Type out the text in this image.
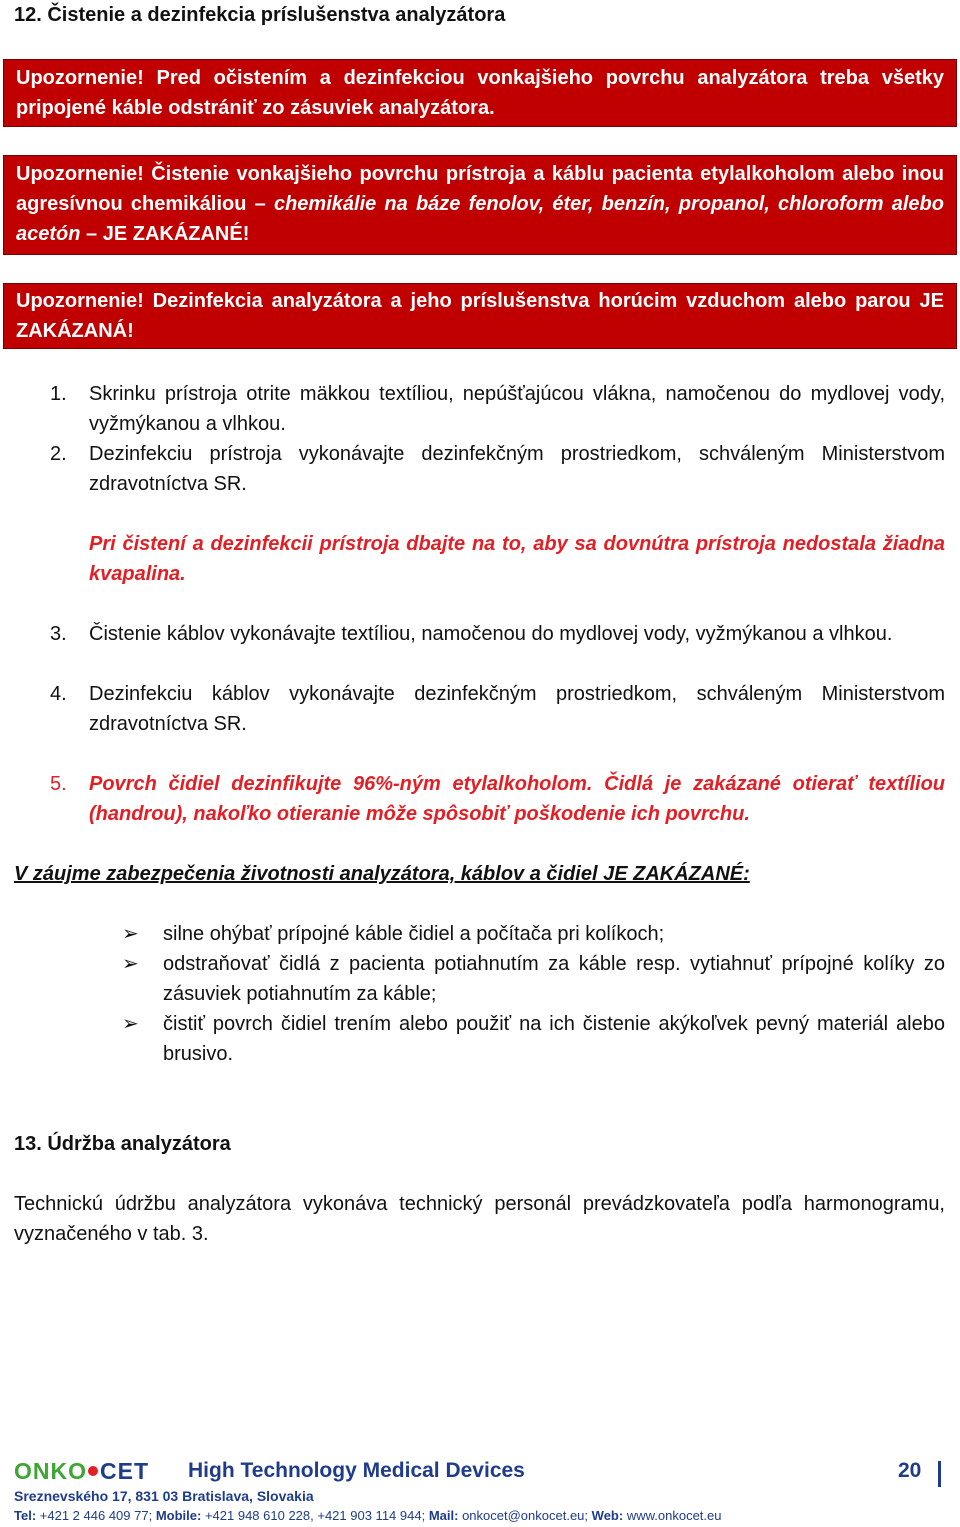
12. Čistenie a dezinfekcia príslušenstva analyzátora

Upozornenie! Pred očistením a dezinfekciou vonkajšieho povrchu analyzátora treba všetky pripojené káble odstrániť zo zásuviek analyzátora.

Upozornenie! Čistenie vonkajšieho povrchu prístroja a káblu pacienta etylalkoholom alebo inou agresívnou chemikáliou – chemikálie na báze fenolov, éter, benzín, propanol, chloroform alebo acetón – JE ZAKÁZANÉ!

Upozornenie! Dezinfekcia analyzátora a jeho príslušenstva horúcim vzduchom alebo parou JE ZAKÁZANÁ!

1.	Skrinku prístroja otrite mäkkou textíliou, nepúšťajúcou vlákna, namočenou do mydlovej vody, vyžmýkanou a vlhkou.
2.	Dezinfekciu prístroja vykonávajte dezinfekčným prostriedkom, schváleným Ministerstvom zdravotníctva SR.
Pri čistení a dezinfekcii prístroja dbajte na to, aby sa dovnútra prístroja nedostala žiadna kvapalina.
3.	Čistenie káblov vykonávajte textíliou, namočenou do mydlovej vody, vyžmýkanou a vlhkou.
4.	Dezinfekciu káblov vykonávajte dezinfekčným prostriedkom, schváleným Ministerstvom zdravotníctva SR.
5.	Povrch čidiel dezinfikujte 96%-ným etylalkoholom. Čidlá je zakázané otierať textíliou (handrou), nakoľko otieranie môže spôsobiť poškodenie ich povrchu.
V záujme zabezpečenia životnosti analyzátora, káblov a čidiel JE ZAKÁZANÉ:
➢ silne ohýbať prípojné káble čidiel a počítača pri kolíkoch;
➢ odstraňovať čidlá z pacienta potiahnutím za káble resp. vytiahnuť prípojné kolíky zo zásuviek potiahnutím za káble;
➢ čistiť povrch čidiel trením alebo použiť na ich čistenie akýkoľvek pevný materiál alebo brusivo.
13. Údržba analyzátora
Technickú údržbu analyzátora vykonáva technický personál prevádzkovateľa podľa harmonogramu, vyznačeného v tab. 3.
ONKO CET High Technology Medical Devices	20
Sreznevského 17, 831 03 Bratislava, Slovakia
Tel: +421 2 446 409 77; Mobile: +421 948 610 228, +421 903 114 944; Mail: onkocet@onkocet.eu; Web: www.onkocet.eu
